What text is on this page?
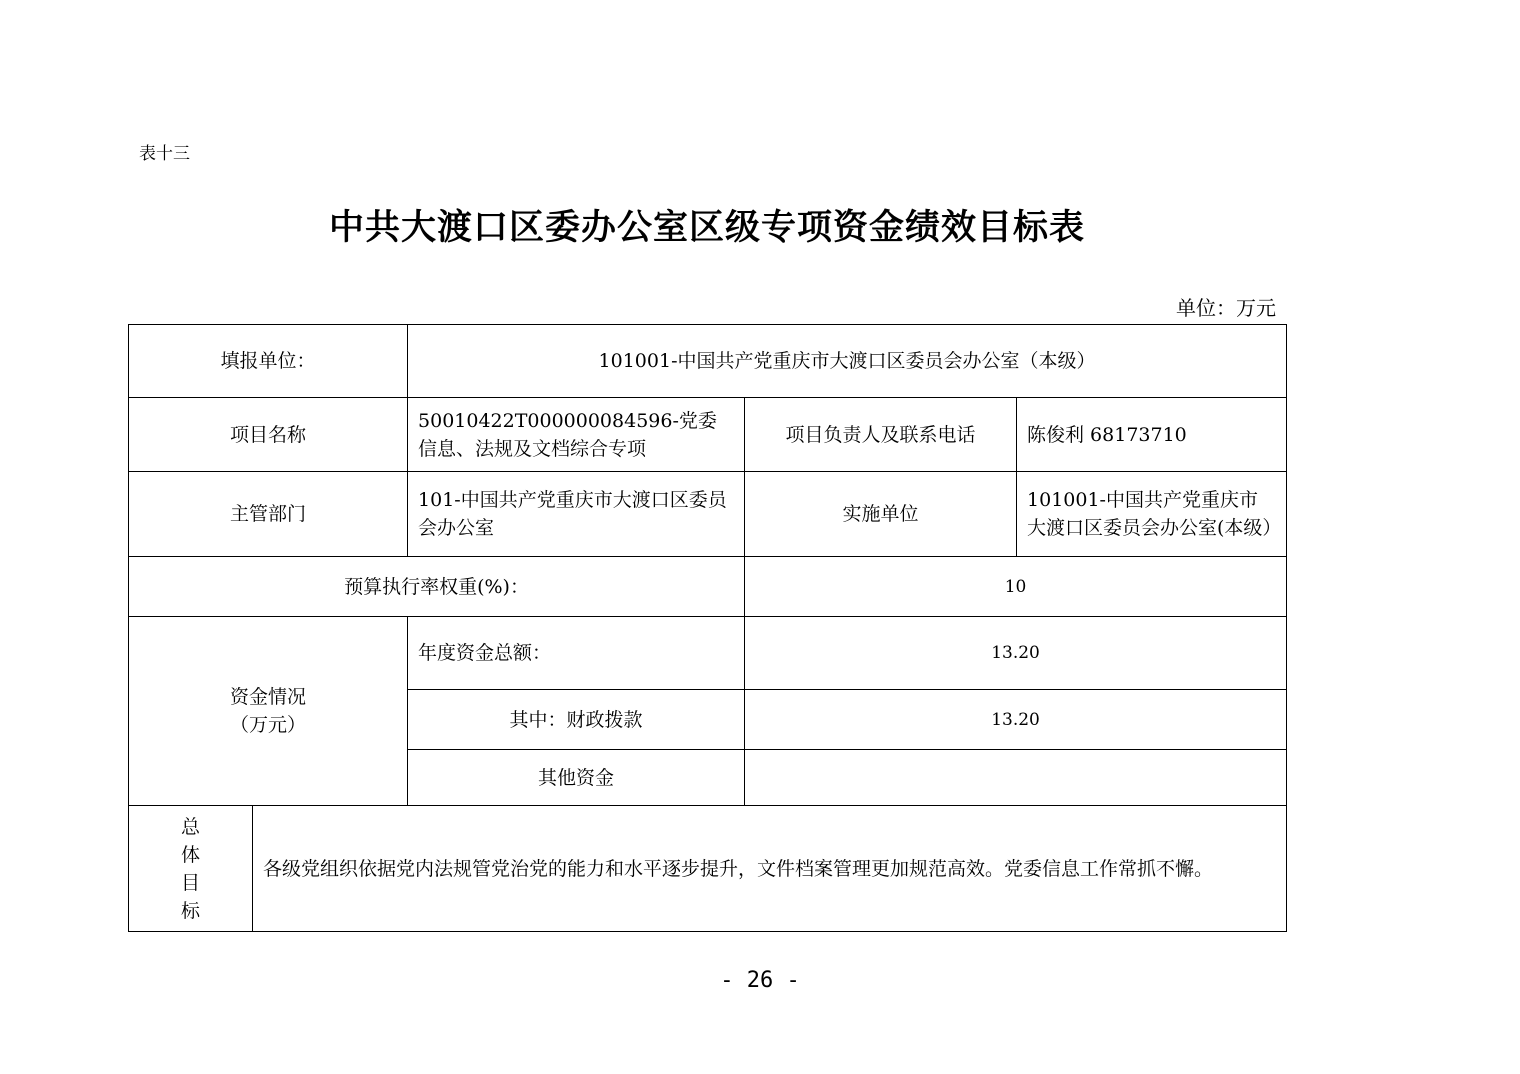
表十三
中共大渡口区委办公室区级专项资金绩效目标表
单位：万元
填报单位：		101001-中国共产党重庆市大渡口区委员会办公室（本级）		
项目名称		50010422T000000084596-党委信息、法规及文档综合专项	项目负责人及联系电话	陈俊利 68173710
主管部门		101-中国共产党重庆市大渡口区委员会办公室	实施单位	101001-中国共产党重庆市大渡口区委员会办公室(本级）
预算执行率权重(%)：			10	

资金情况
（万元）		年度资金总额：	13.20	
		其中：财政拨款	13.20	
		其他资金		

总
体
目
标	各级党组织依据党内法规管党治党的能力和水平逐步提升，文件档案管理更加规范高效。党委信息工作常抓不懈。			
- 26 -
